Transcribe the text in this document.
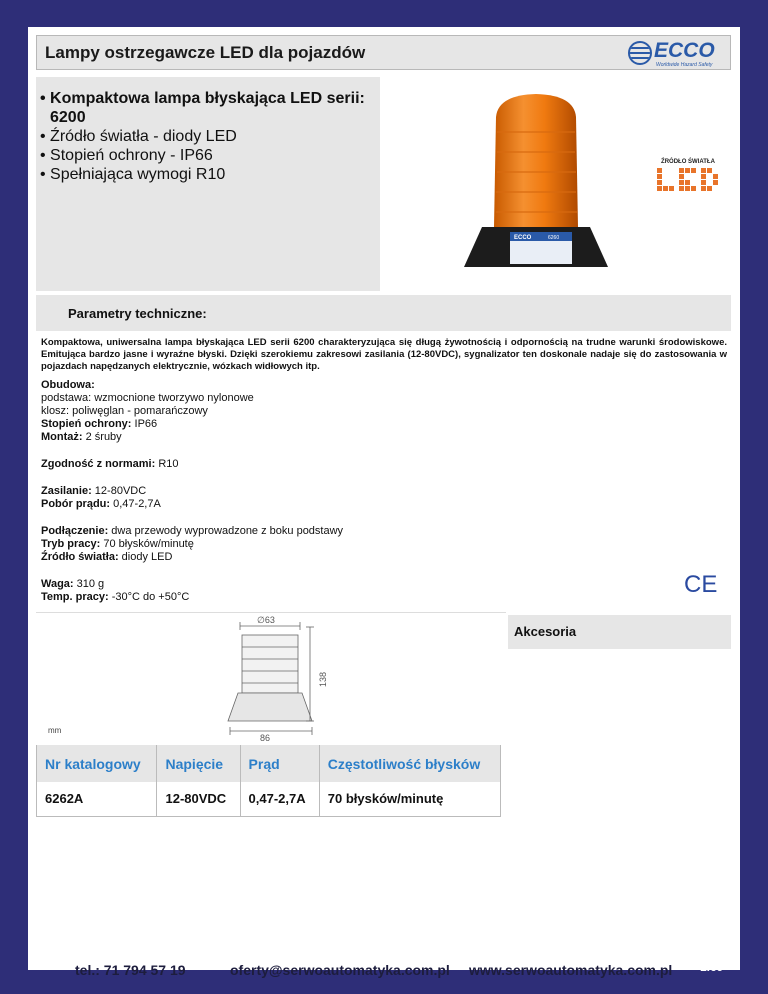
Lampy ostrzegawcze LED dla pojazdów	ECCO
Worldwide Hazard Safety
• Kompaktowa lampa błyskająca LED serii: 6200
• Źródło światła - diody LED
• Stopień ochrony - IP66
• Spełniająca wymogi R10
ECCO	6260
ŹRÓDŁO ŚWIATŁA
Parametry techniczne:
Kompaktowa, uniwersalna lampa błyskająca LED serii 6200 charakteryzująca się długą żywotnością i odpornością na trudne warunki środowiskowe. Emitująca bardzo jasne i wyraźne błyski. Dzięki szerokiemu zakresowi zasilania (12-80VDC), sygnalizator ten doskonale nadaje się do zastosowania w pojazdach napędzanych elektrycznie, wózkach widłowych itp.
Obudowa:
podstawa: wzmocnione tworzywo nylonowe
klosz: poliwęglan - pomarańczowy
Stopień ochrony: IP66
Montaż: 2 śruby
Zgodność z normami: R10
Zasilanie: 12-80VDC
Pobór prądu: 0,47-2,7A
Podłączenie: dwa przewody wyprowadzone z boku podstawy
Tryb pracy: 70 błysków/minutę
Źródło światła: diody LED
Waga: 310 g
Temp. pracy: -30°C do +50°C	CE
∅63
138
86
mm
Akcesoria
Nr katalogowy	Napięcie	Prąd	Częstotliwość błysków
6262A	12-80VDC	0,47-2,7A	70 błysków/minutę
tel.: 71 794 57 19	oferty@serwoautomatyka.com.pl www.serwoautomatyka.com.pl 1.69
